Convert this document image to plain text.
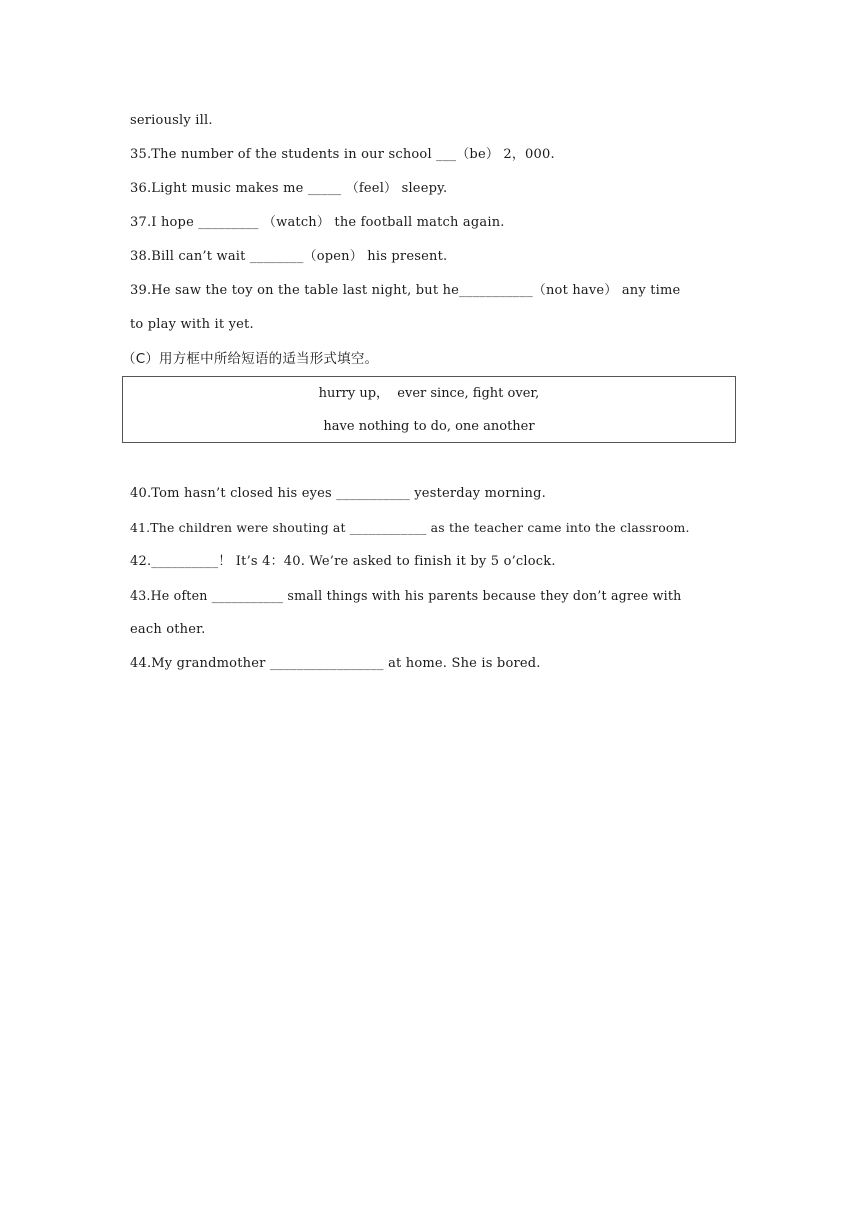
seriously ill.
35.The number of the students in our school ___（be） 2，000.
36.Light music makes me _____ （feel） sleepy.
37.I hope _________ （watch） the football match again.
38.Bill can’t wait ________（open） his present.
39.He saw the toy on the table last night, but he___________（not have） any time
to play with it yet.
（C）用方框中所给短语的适当形式填空。
hurry up，  ever since, fight over,
have nothing to do, one another
40.Tom hasn’t closed his eyes ___________ yesterday morning.
41.The children were shouting at ____________ as the teacher came into the classroom.
42.__________！ It’s 4：40. We’re asked to finish it by 5 o’clock.
43.He often ___________ small things with his parents because they don’t agree with
each other.
44.My grandmother _________________ at home. She is bored.
